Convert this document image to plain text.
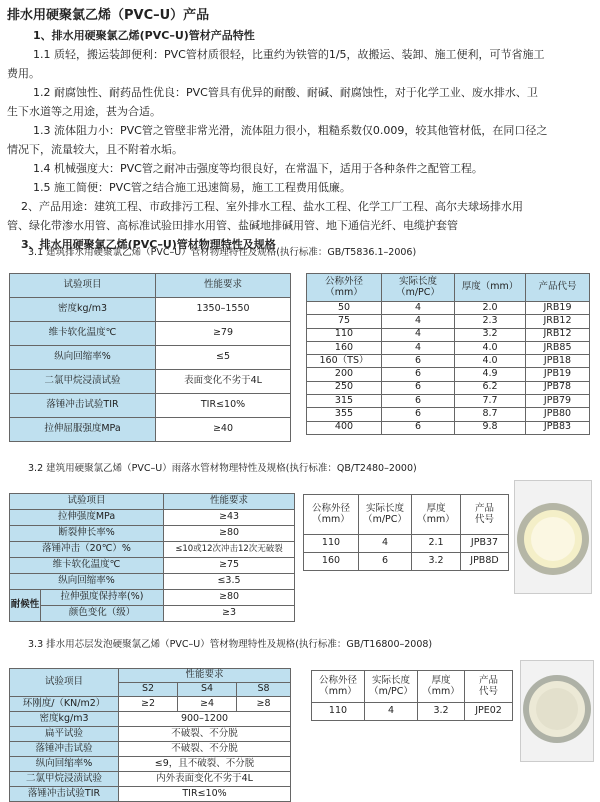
排水用硬聚氯乙烯（PVC–U）产品
1、排水用硬聚氯乙烯(PVC–U)管材产品特性
1.1 质轻，搬运装卸便利：PVC管材质很轻，比重约为铁管的1/5，故搬运、装卸、施工便利，可节省施工
费用。
1.2 耐腐蚀性、耐药品性优良：PVC管具有优异的耐酸、耐碱、耐腐蚀性，对于化学工业、废水排水、卫
生下水道等之用途，甚为合适。
1.3 流体阻力小：PVC管之管壁非常光滑，流体阻力很小，粗糙系数仅0.009，较其他管材低，在同口径之
情况下，流量较大，且不附着水垢。
1.4 机械强度大：PVC管之耐冲击强度等均很良好，在常温下，适用于各种条件之配管工程。
1.5 施工简便：PVC管之结合施工迅速简易，施工工程费用低廉。
2、产品用途：建筑工程、市政排污工程、室外排水工程、盐水工程、化学工厂工程、高尔夫球场排水用
管、绿化带渗水用管、高标准试验田排水用管、盐碱地排碱用管、地下通信光纤、电缆护套管
3、排水用硬聚氯乙烯(PVC–U)管材物理特性及规格
3.1 建筑排水用硬聚氯乙烯（PVC–U）管材物理特性及规格(执行标准：GB/T5836.1–2006)
试验项目	性能要求
密度kg/m3	1350–1550
维卡软化温度℃	≥79
纵向回缩率%	≤5
二氯甲烷浸渍试验	表面变化不劣于4L
落锤冲击试验TIR	TIR≤10%
拉伸屈服强度MPa	≥40
公称外径
（mm）	实际长度
（m/PC）	厚度（mm）	产品代号
50	4	2.0	JRB19
75	4	2.3	JRB12
110	4	3.2	JRB12
160	4	4.0	JRB85
160（TS）	6	4.0	JPB18
200	6	4.9	JPB19
250	6	6.2	JPB78
315	6	7.7	JPB79
355	6	8.7	JPB80
400	6	9.8	JPB83
3.2 建筑用硬聚氯乙烯（PVC–U）雨落水管材物理特性及规格(执行标准：QB/T2480–2000)
试验项目		性能要求
拉伸强度MPa		≥43
断裂伸长率%		≥80
落锤冲击（20℃）%		≤10或12次冲击12次无破裂
维卡软化温度℃		≥75
纵向回缩率%		≤3.5
耐候性	拉伸强度保持率(%)	≥80
	颜色变化（级）	≥3
公称外径
（mm）	实际长度
（m/PC）	厚度
（mm）	产品
代号
110	4	2.1	JPB37
160	6	3.2	JPB8D
3.3 排水用芯层发泡硬聚氯乙烯（PVC–U）管材物理特性及规格(执行标准：GB/T16800–2008)
试验项目	性能要求		
	S2	S4	S8
环刚度/（KN/m2）	≥2	≥4	≥8
密度kg/m3	900–1200		
扁平试验	不破裂、不分脱		
落锤冲击试验	不破裂、不分脱		
纵向回缩率%	≤9，且不破裂、不分脱		
二氯甲烷浸渍试验	内外表面变化不劣于4L		
落锤冲击试验TIR	TIR≤10%		
公称外径
（mm）	实际长度
（m/PC）	厚度
（mm）	产品
代号
110	4	3.2	JPE02
